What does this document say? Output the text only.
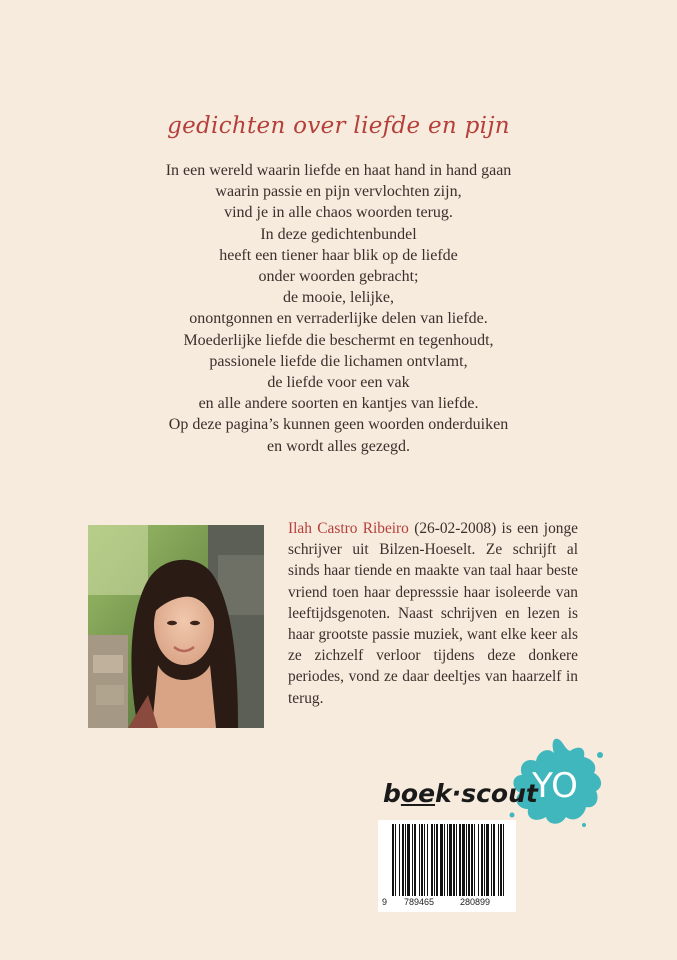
gedichten over liefde en pijn
In een wereld waarin liefde en haat hand in hand gaan
waarin passie en pijn vervlochten zijn,
vind je in alle chaos woorden terug.
In deze gedichtenbundel
heeft een tiener haar blik op de liefde
onder woorden gebracht;
de mooie, lelijke,
onontgonnen en verraderlijke delen van liefde.
Moederlijke liefde die beschermt en tegenhoudt,
passionele liefde die lichamen ontvlamt,
de liefde voor een vak
en alle andere soorten en kantjes van liefde.
Op deze pagina’s kunnen geen woorden onderduiken
en wordt alles gezegd.
Ilah Castro Ribeiro (26-02-2008) is een jonge schrijver uit Bilzen-Hoeselt. Ze schrijft al sinds haar tiende en maakte van taal haar beste vriend toen haar depresssie haar isoleerde van leeftijdsgenoten. Naast schrijven en lezen is haar grootste passie muziek, want elke keer als ze zichzelf verloor tijdens deze donkere periodes, vond ze daar deeltjes van haarzelf in terug.
YO
boek·scout
9 789465	280899
